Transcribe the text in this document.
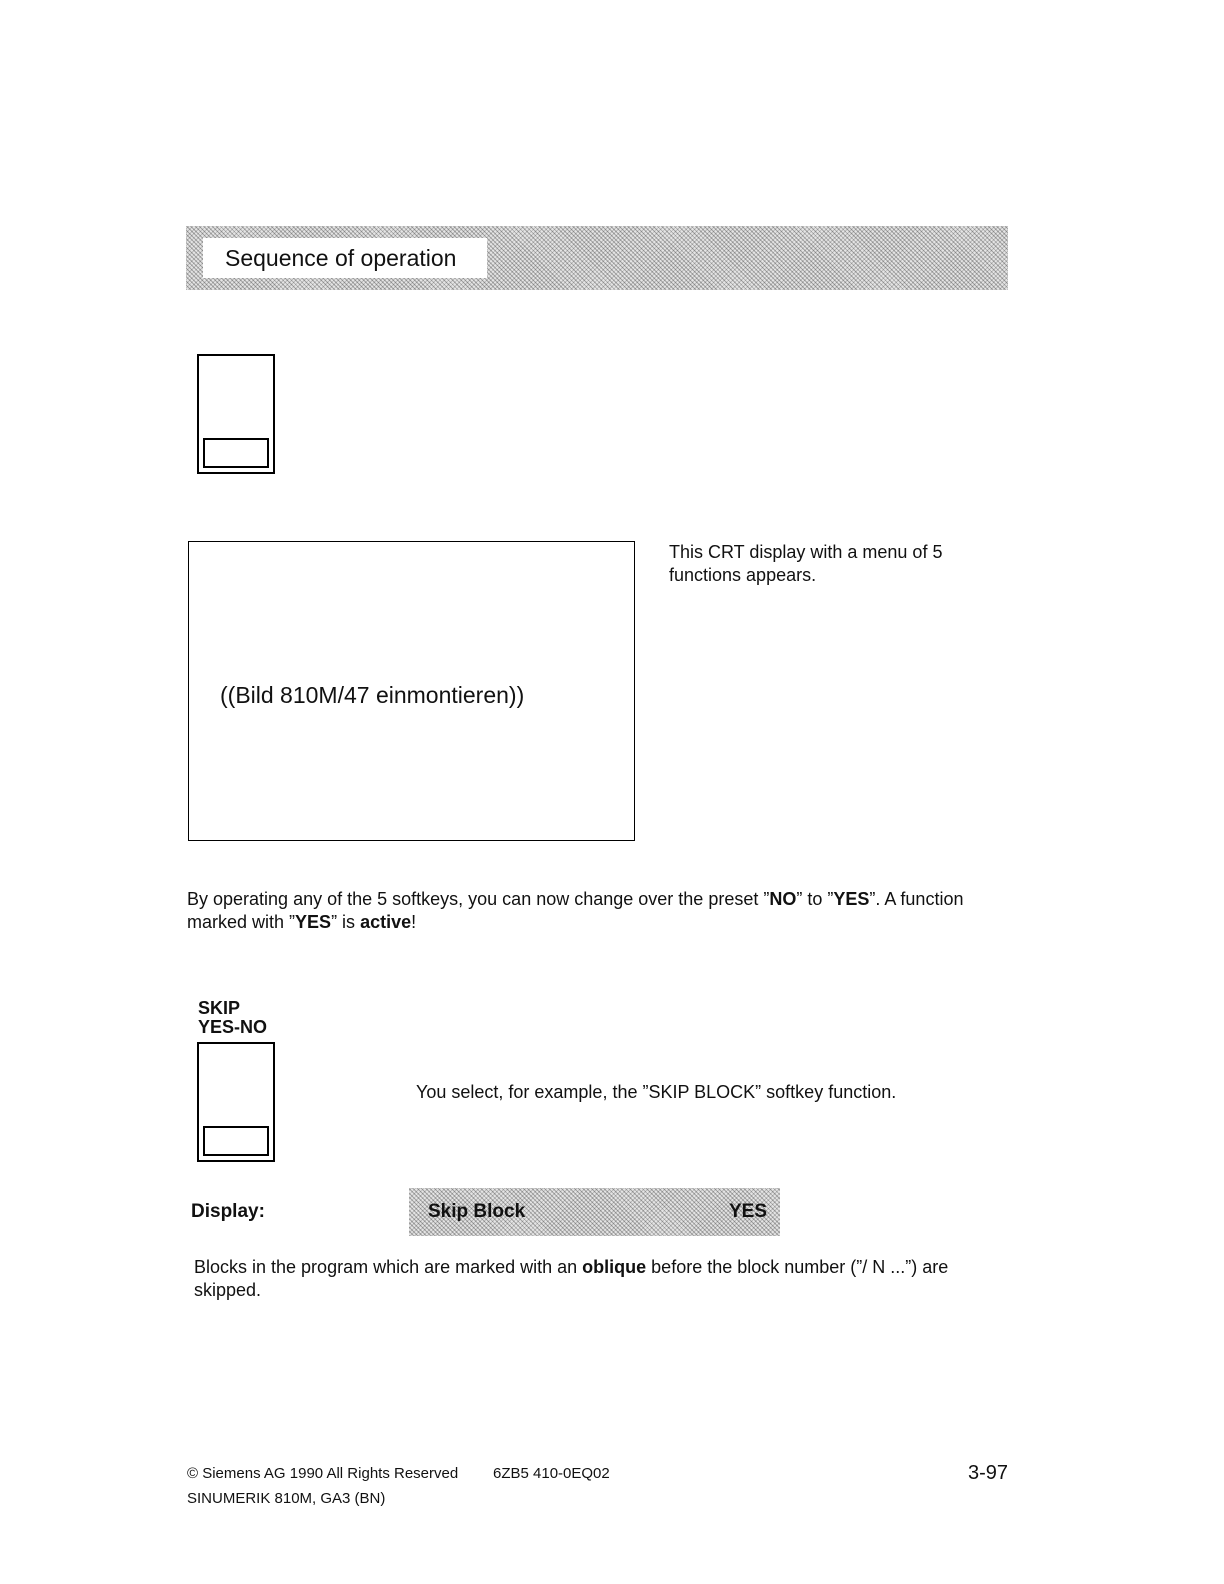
Sequence of operation
((Bild 810M/47 einmontieren))
This CRT display with a menu of 5 functions appears.
By operating any of the 5 softkeys, you can now change over the preset ”NO” to ”YES”. A function marked with ”YES” is active!
SKIP
YES-NO
You select, for example, the ”SKIP BLOCK” softkey function.
Display:	Skip Block	YES
Blocks in the program which are marked with an oblique before the block number (”/ N ...”) are skipped.
© Siemens AG 1990 All Rights Reserved 6ZB5 410-0EQ02
SINUMERIK 810M, GA3 (BN)
3-97
